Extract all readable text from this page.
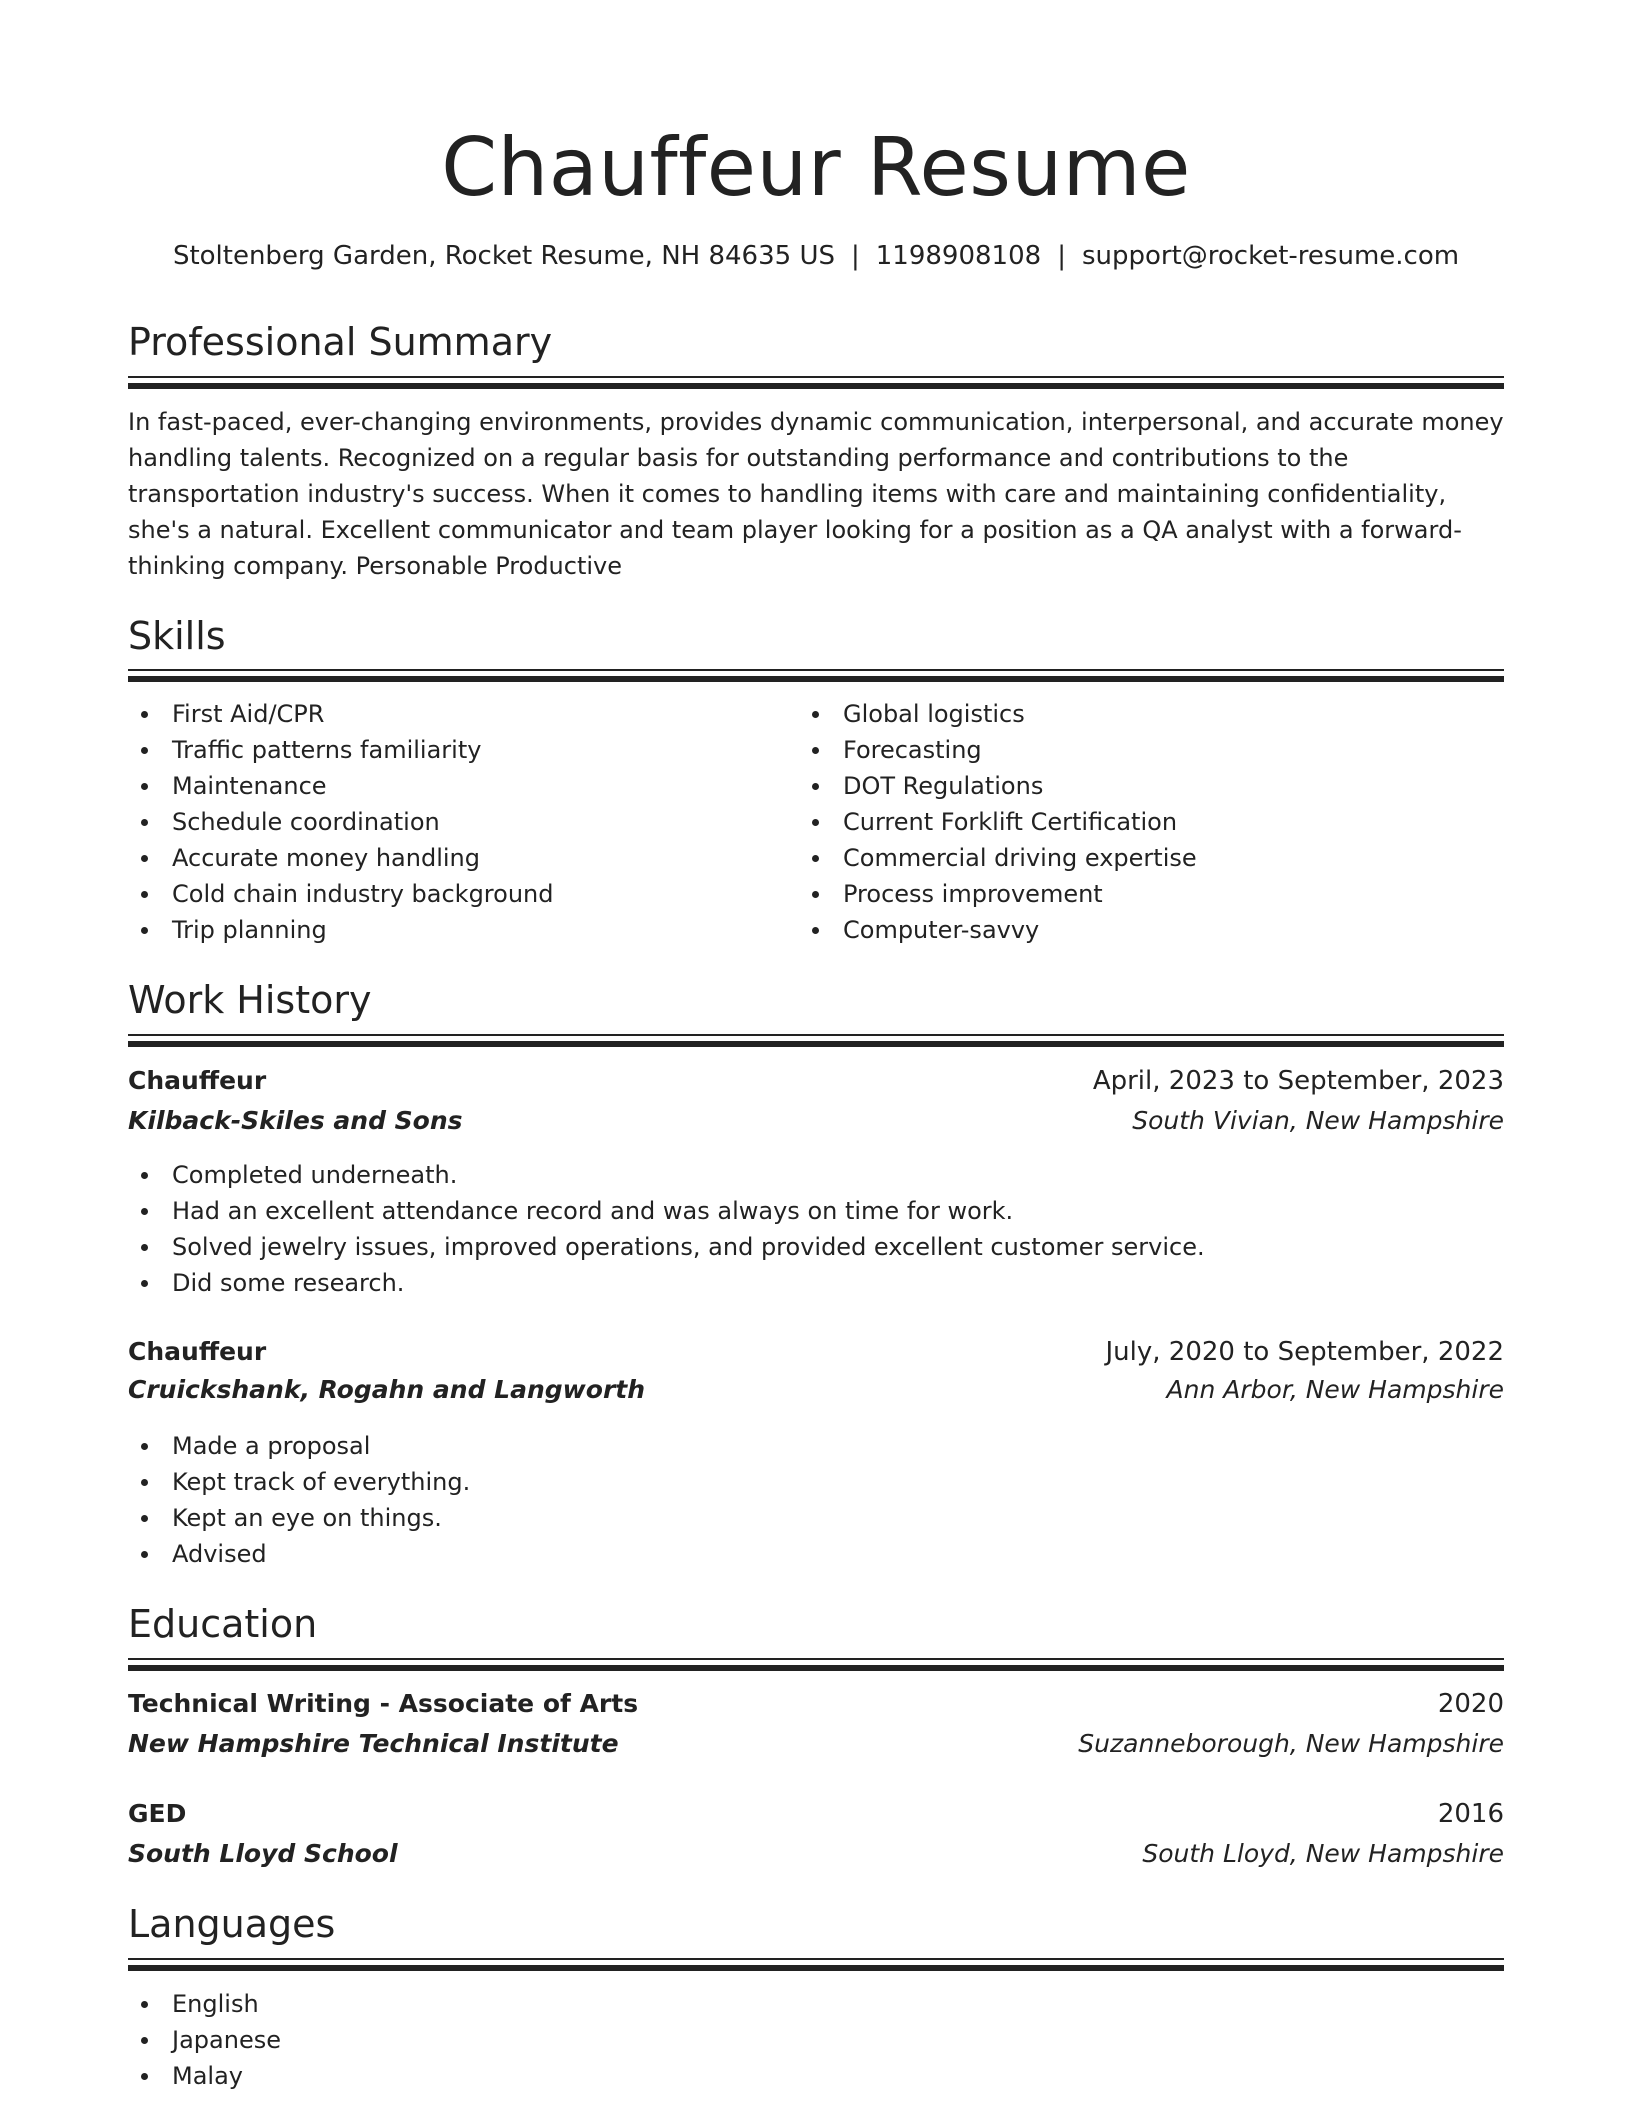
Chauffeur Resume
Stoltenberg Garden, Rocket Resume, NH 84635 US | 1198908108 | support@rocket-resume.com
Professional Summary
In fast-paced, ever-changing environments, provides dynamic communication, interpersonal, and accurate money handling talents. Recognized on a regular basis for outstanding performance and contributions to the transportation industry's success. When it comes to handling items with care and maintaining confidentiality, she's a natural. Excellent communicator and team player looking for a position as a QA analyst with a forward-thinking company. Personable Productive
Skills
First Aid/CPR
Traffic patterns familiarity
Maintenance
Schedule coordination
Accurate money handling
Cold chain industry background
Trip planning
Global logistics
Forecasting
DOT Regulations
Current Forklift Certification
Commercial driving expertise
Process improvement
Computer-savvy
Work History
Chauffeur	April, 2023 to September, 2023
Kilback-Skiles and Sons	South Vivian, New Hampshire
Completed underneath.
Had an excellent attendance record and was always on time for work.
Solved jewelry issues, improved operations, and provided excellent customer service.
Did some research.
Chauffeur	July, 2020 to September, 2022
Cruickshank, Rogahn and Langworth	Ann Arbor, New Hampshire
Made a proposal
Kept track of everything.
Kept an eye on things.
Advised
Education
Technical Writing - Associate of Arts	2020
New Hampshire Technical Institute	Suzanneborough, New Hampshire
GED	2016
South Lloyd School	South Lloyd, New Hampshire
Languages
English
Japanese
Malay
